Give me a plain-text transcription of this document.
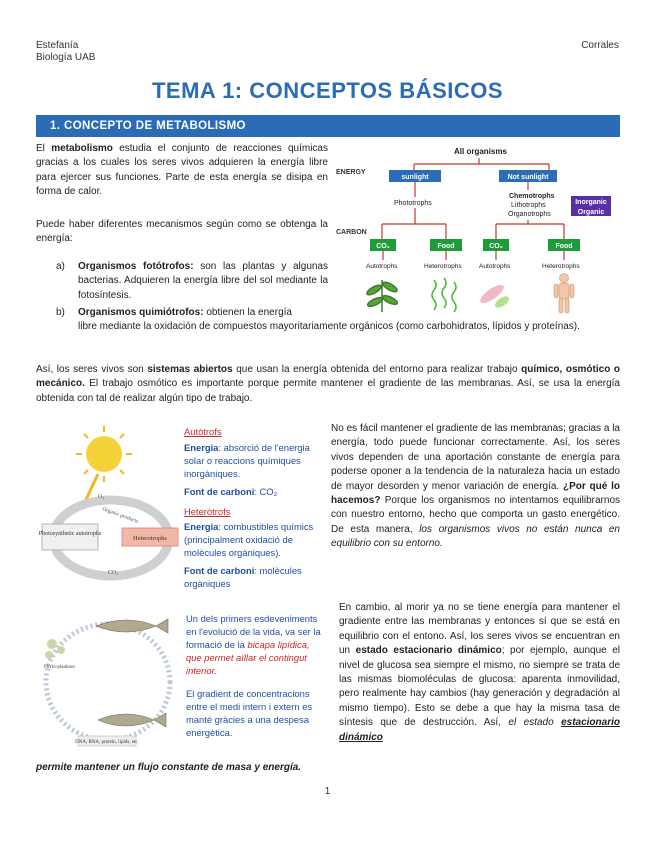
Estefanía
Biología UAB
Corrales
TEMA 1: CONCEPTOS BÁSICOS
1. CONCEPTO DE METABOLISMO
El metabolismo estudia el conjunto de reacciones químicas gracias a los cuales los seres vivos adquieren la energía libre para ejercer sus funciones. Parte de esta energía se disipa en forma de calor.
Puede haber diferentes mecanismos según como se obtenga la energía:
a) Organismos fotótrofos: son las plantas y algunas bacterias. Adquieren la energía libre del sol mediante la fotosíntesis.
b) Organismos quimiótrofos: obtienen la energía
libre mediante la oxidación de compuestos mayoritariamente orgánicos (como carbohidratos, lípidos y proteínas).
All organisms
ENERGY
sunlight	Not sunlight
Phototrophs
Chemotrophs
Lithotrophs
Organotrophs
Inorganic
Organic
CARBON
CO₂	Food	CO₂	Food
Autotrophs	Heterotrophs	Autotrophs	Heterotrophs
Así, los seres vivos son sistemas abiertos que usan la energía obtenida del entorno para realizar trabajo químico, osmótico o mecánico. El trabajo osmótico es importante porque permite mantener el gradiente de las membranas. Así, se usa la energía obtenida con tal de realizar algún tipo de trabajo.
Photosynthetic autotrophs
Heterotrophs
O₂
Organic products
CO₂
Autòtrofs
Energia: absorció de l'energia solar o reaccions químiques inorgàniques.
Font de carboni: CO₂
Heteròtrofs
Energia: combustibles químics (principalment oxidació de molècules orgàniques).
Font de carboni: molècules orgàniques
No es fácil mantener el gradiente de las membranas; gracias a la energía, todo puede funcionar correctamente. Así, los seres vivos dependen de una aportación constante de energía para poderse oponer a la tendencia de la naturaleza hacia un estado de mayor desorden y menor variación de energía. ¿Por qué lo hacemos? Porque los organismos no intentamos equilibrarnos con nuestro entorno, hecho que comporta un gasto energético. De esta manera, los organismos vivos no están nunca en equilibrio con su entorno.
Phyto-plankton
DNA, RNA, protein, lipids, etc.
Un dels primers esdeveniments en l'evolució de la vida, va ser la formació de la bicapa lipídica, que permet aïllar el contingut interior.
El gradient de concentracions entre el medi intern i extern es manté gràcies a una despesa energètica.
En cambio, al morir ya no se tiene energía para mantener el gradiente entre las membranas y entonces sí que se está en equilibrio con el entono. Así, los seres vivos se encuentran en un estado estacionario dinámico; por ejemplo, aunque el nivel de glucosa sea siempre el mismo, no siempre se trata de las mismas biomoléculas de glucosa: aparenta inmovilidad, pero realmente hay cambios (hay generación y degradación al mismo tiempo). Esto se debe a que hay la misma tasa de síntesis que de destrucción. Así, el estado estacionario dinámico
permite mantener un flujo constante de masa y energía.
1
